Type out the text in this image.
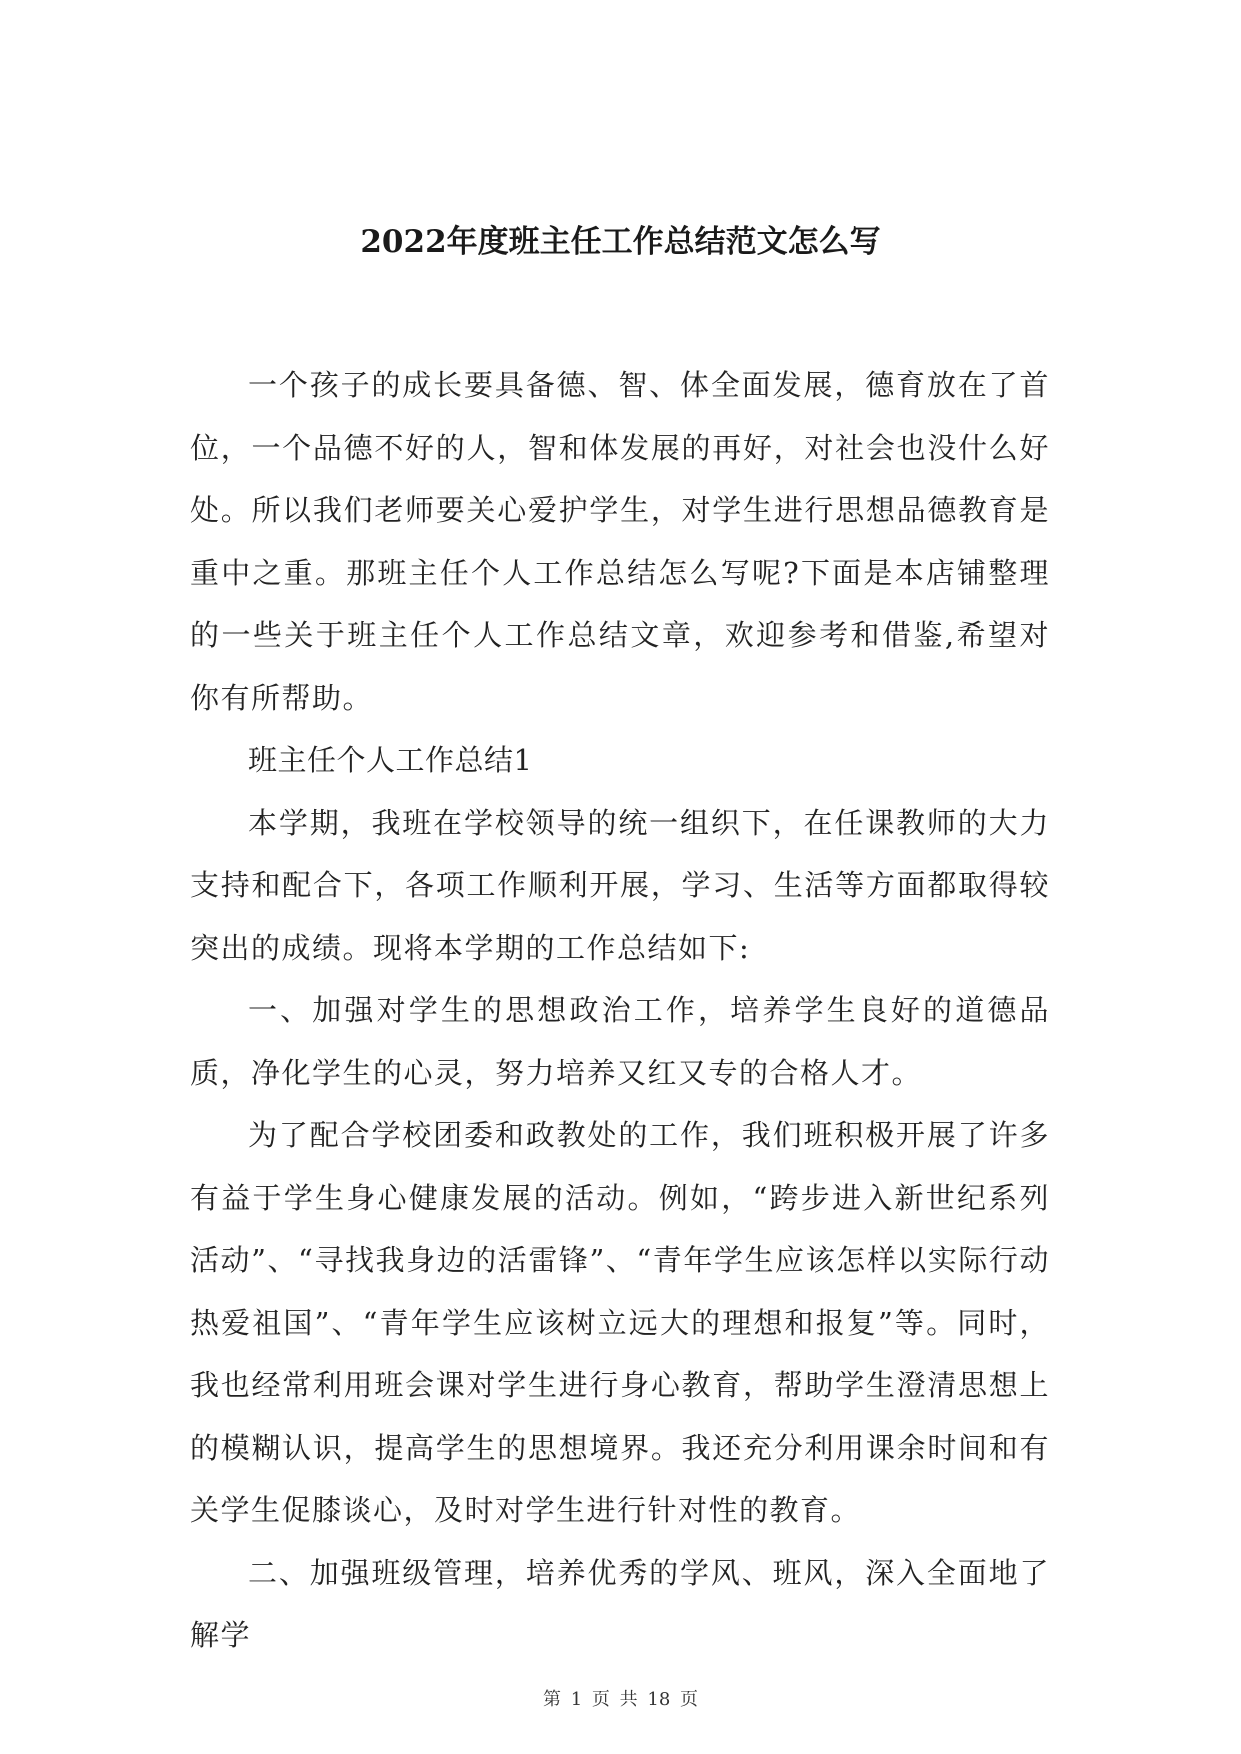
2022年度班主任工作总结范文怎么写

一个孩子的成长要具备德、智、体全面发展，德育放在了首位，一个品德不好的人，智和体发展的再好，对社会也没什么好处。所以我们老师要关心爱护学生，对学生进行思想品德教育是重中之重。那班主任个人工作总结怎么写呢?下面是本店铺整理的一些关于班主任个人工作总结文章，欢迎参考和借鉴,希望对你有所帮助。

班主任个人工作总结1

本学期，我班在学校领导的统一组织下，在任课教师的大力支持和配合下，各项工作顺利开展，学习、生活等方面都取得较突出的成绩。现将本学期的工作总结如下:

一、加强对学生的思想政治工作，培养学生良好的道德品质，净化学生的心灵，努力培养又红又专的合格人才。

为了配合学校团委和政教处的工作，我们班积极开展了许多有益于学生身心健康发展的活动。例如，“跨步进入新世纪系列活动”、“寻找我身边的活雷锋”、“青年学生应该怎样以实际行动热爱祖国”、“青年学生应该树立远大的理想和报复”等。同时，我也经常利用班会课对学生进行身心教育，帮助学生澄清思想上的模糊认识，提高学生的思想境界。我还充分利用课余时间和有关学生促膝谈心，及时对学生进行针对性的教育。

二、加强班级管理，培养优秀的学风、班风，深入全面地了解学

第 1 页 共 18 页
